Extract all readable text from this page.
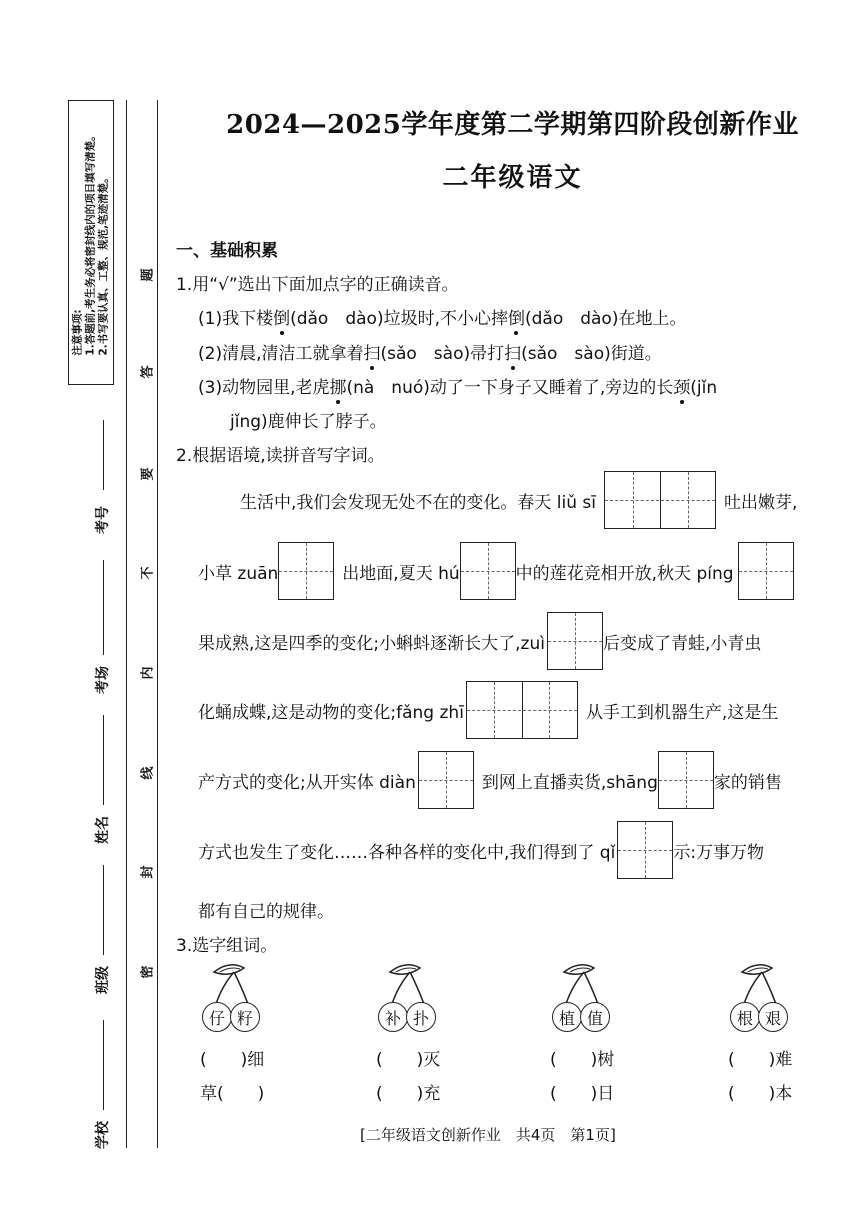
注意事项: 1.答题前,考生务必将密封线内的项目填写清楚。 2.书写要认真、工整、规范,笔迹清楚。
考号
考场
姓名
班级
学校
题
答
要
不
内
线
封
密
2024—2025学年度第二学期第四阶段创新作业
二年级语文
一、基础积累
1.用“√”选出下面加点字的正确读音。
(1)我下楼倒(dǎo　dào)垃圾时,不小心摔倒(dǎo　dào)在地上。
(2)清晨,清洁工就拿着扫(sǎo　sào)帚打扫(sǎo　sào)街道。
(3)动物园里,老虎挪(nà　nuó)动了一下身子又睡着了,旁边的长颈(jǐn
jǐng)鹿伸长了脖子。
2.根据语境,读拼音写字词。
生活中,我们会发现无处不在的变化。春天 liǔ sī	吐出嫩芽,
小草 zuān	出地面,夏天 hú	中的莲花竞相开放,秋天 píng
果成熟,这是四季的变化;小蝌蚪逐渐长大了,zuì	后变成了青蛙,小青虫
化蛹成蝶,这是动物的变化;fǎng zhī	从手工到机器生产,这是生
产方式的变化;从开实体 diàn	到网上直播卖货,shāng	家的销售
方式也发生了变化……各种各样的变化中,我们得到了 qǐ	示:万事万物
都有自己的规律。
3.选字组词。
仔 籽	补 扑	植 值	根 艰
(　　)细	(　　)灭	(　　)树	(　　)难
草(　　)	(　　)充	(　　)日	(　　)本
[二年级语文创新作业　共4页　第1页]
